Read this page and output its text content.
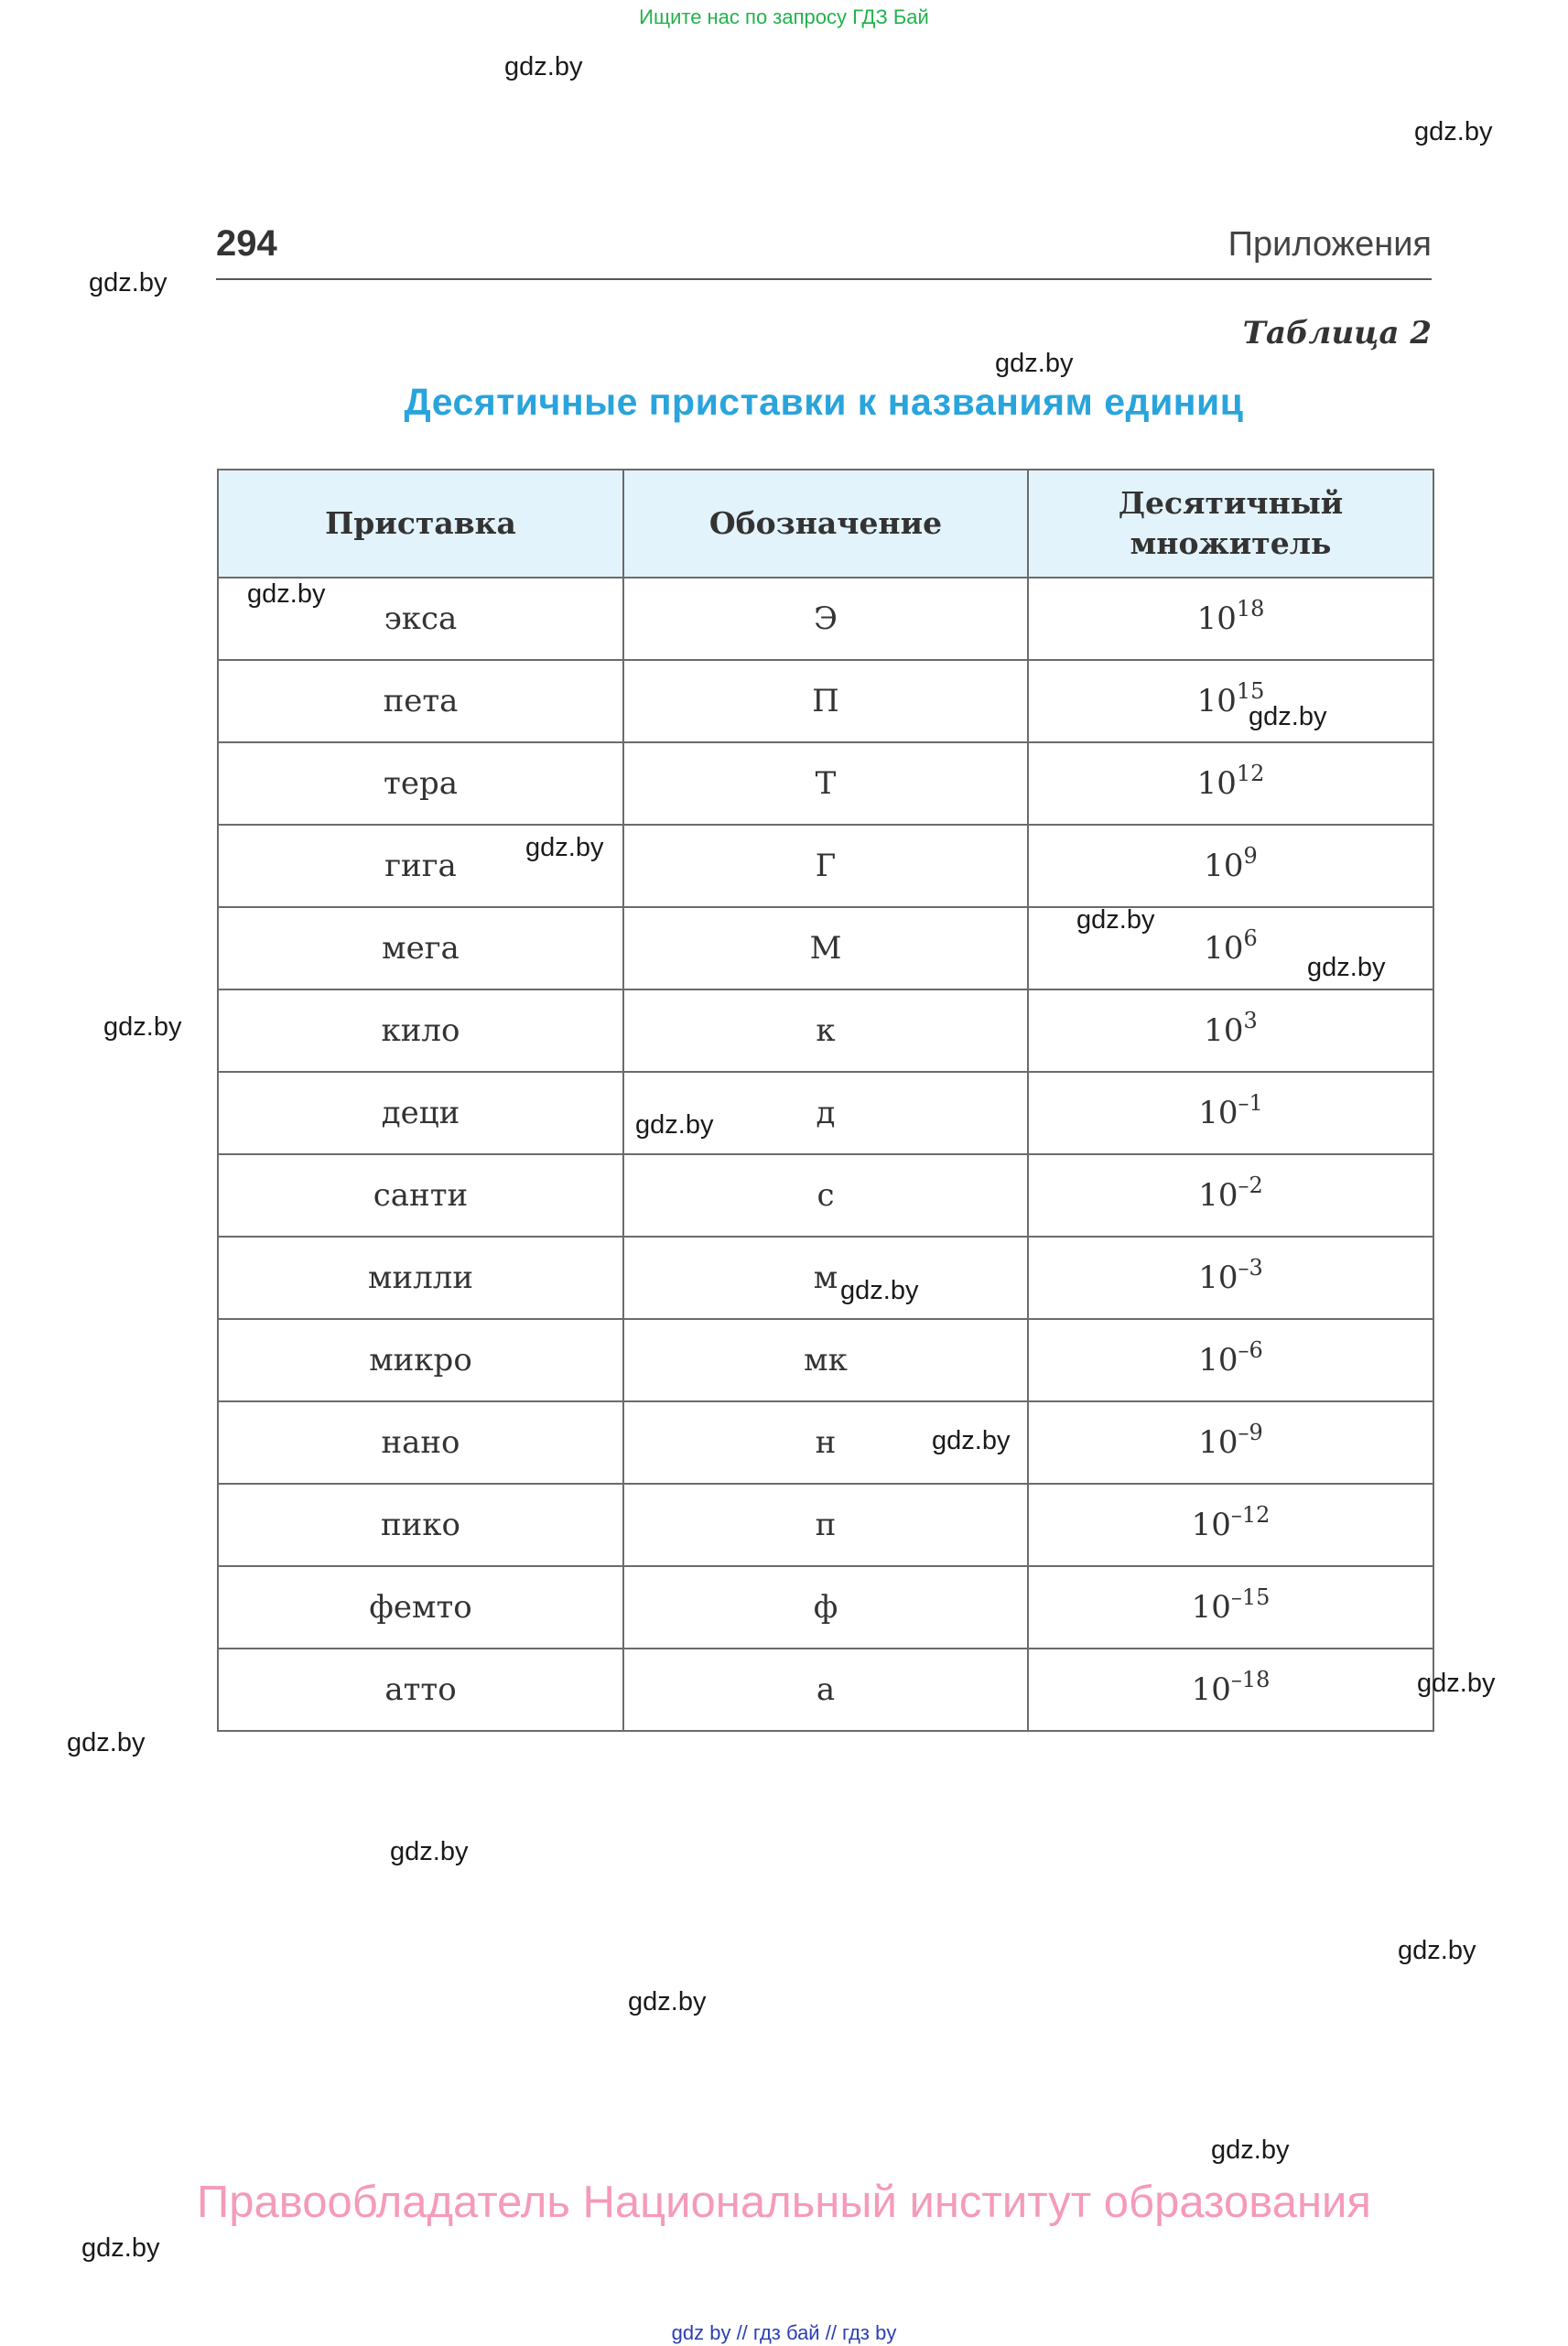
Ищите нас по запросу ГДЗ Бай
294	Приложения
Таблица 2
Десятичные приставки к названиям единиц
Приставка	Обозначение	Десятичный множитель
экса	Э	$10^{18}$
пета	П	$10^{15}$
тера	Т	$10^{12}$
гига	Г	$10^9$
мега	М	$10^6$
кило	к	$10^3$
деци	д	$10^{-1}$
санти	с	$10^{-2}$
милли	м	$10^{-3}$
микро	мк	$10^{-6}$
нано	н	$10^{-9}$
пико	п	$10^{-12}$
фемто	ф	$10^{-15}$
атто	а	$10^{-18}$
gdz.by
gdz.by
gdz.by
gdz.by
gdz.by
gdz.by
gdz.by
gdz.by
gdz.by
gdz.by
gdz.by
gdz.by
gdz.by
gdz.by
gdz.by
gdz.by
gdz.by
gdz.by
gdz.by
gdz.by
Правообладатель Национальный институт образования
gdz by // гдз бай // гдз by
